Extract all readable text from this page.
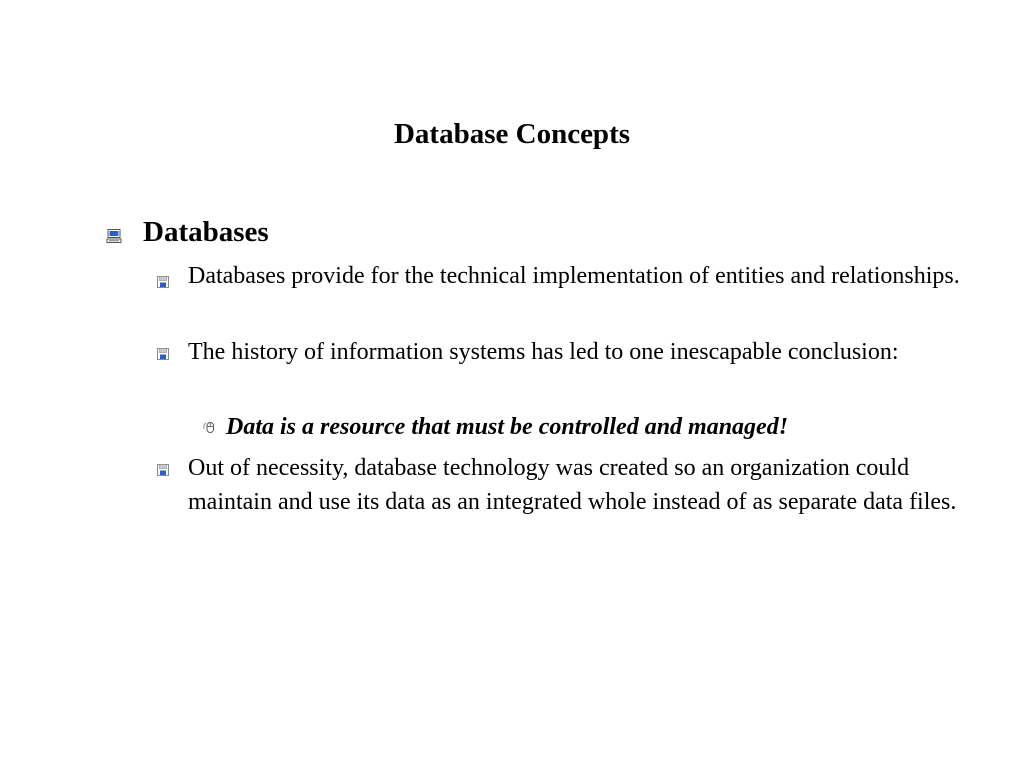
Database Concepts
Databases
Databases provide for the technical implementation of entities and relationships.
The history of information systems has led to one inescapable conclusion:
Data is a resource that must be controlled and managed!
Out of necessity, database technology was created so an organization could maintain and use its data as an integrated whole instead of as separate data files.
